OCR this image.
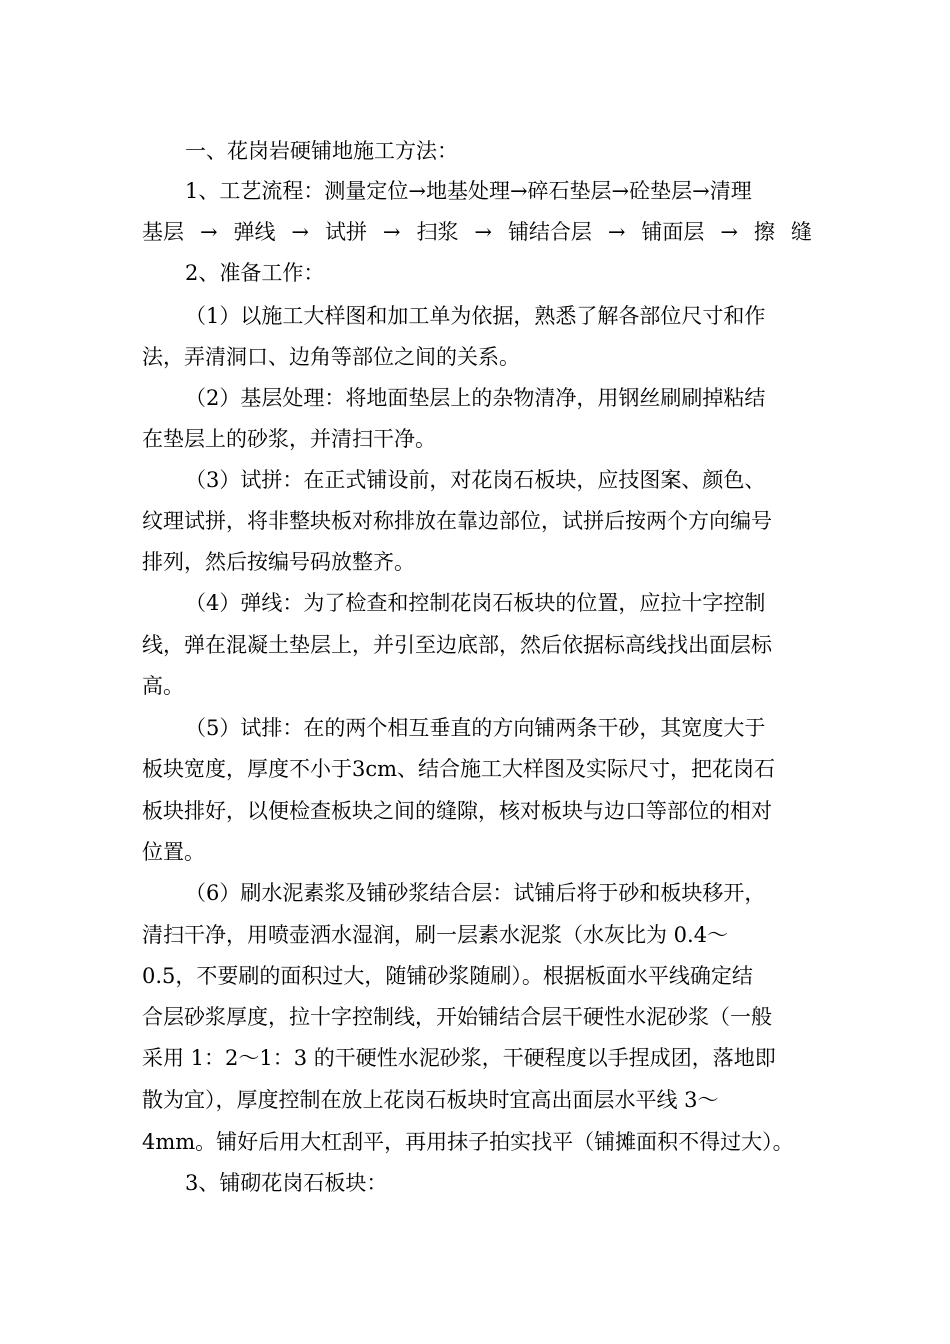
一、花岗岩硬铺地施工方法：
1、工艺流程：测量定位→地基处理→碎石垫层→砼垫层→清理
基层 → 弹线 → 试拼 → 扫浆 → 铺结合层 → 铺面层 → 擦 缝
2、准备工作：
（1）以施工大样图和加工单为依据，熟悉了解各部位尺寸和作
法，弄清洞口、边角等部位之间的关系。
（2）基层处理：将地面垫层上的杂物清净，用钢丝刷刷掉粘结
在垫层上的砂浆，并清扫干净。
（3）试拼：在正式铺设前，对花岗石板块，应技图案、颜色、
纹理试拼，将非整块板对称排放在靠边部位，试拼后按两个方向编号
排列，然后按编号码放整齐。
（4）弹线：为了检查和控制花岗石板块的位置，应拉十字控制
线，弹在混凝土垫层上，并引至边底部，然后依据标高线找出面层标
高。
（5）试排：在的两个相互垂直的方向铺两条干砂，其宽度大于
板块宽度，厚度不小于3cm、结合施工大样图及实际尺寸，把花岗石
板块排好，以便检查板块之间的缝隙，核对板块与边口等部位的相对
位置。
（6）刷水泥素浆及铺砂浆结合层：试铺后将于砂和板块移开，
清扫干净，用喷壶洒水湿润，刷一层素水泥浆（水灰比为 0.4～
0.5，不要刷的面积过大，随铺砂浆随刷）。根据板面水平线确定结
合层砂浆厚度，拉十字控制线，开始铺结合层干硬性水泥砂浆（一般
采用 1：2～1：3 的干硬性水泥砂浆，干硬程度以手捏成团，落地即
散为宜），厚度控制在放上花岗石板块时宜高出面层水平线 3～
4mm。铺好后用大杠刮平，再用抹子拍实找平（铺摊面积不得过大）。
3、铺砌花岗石板块：
